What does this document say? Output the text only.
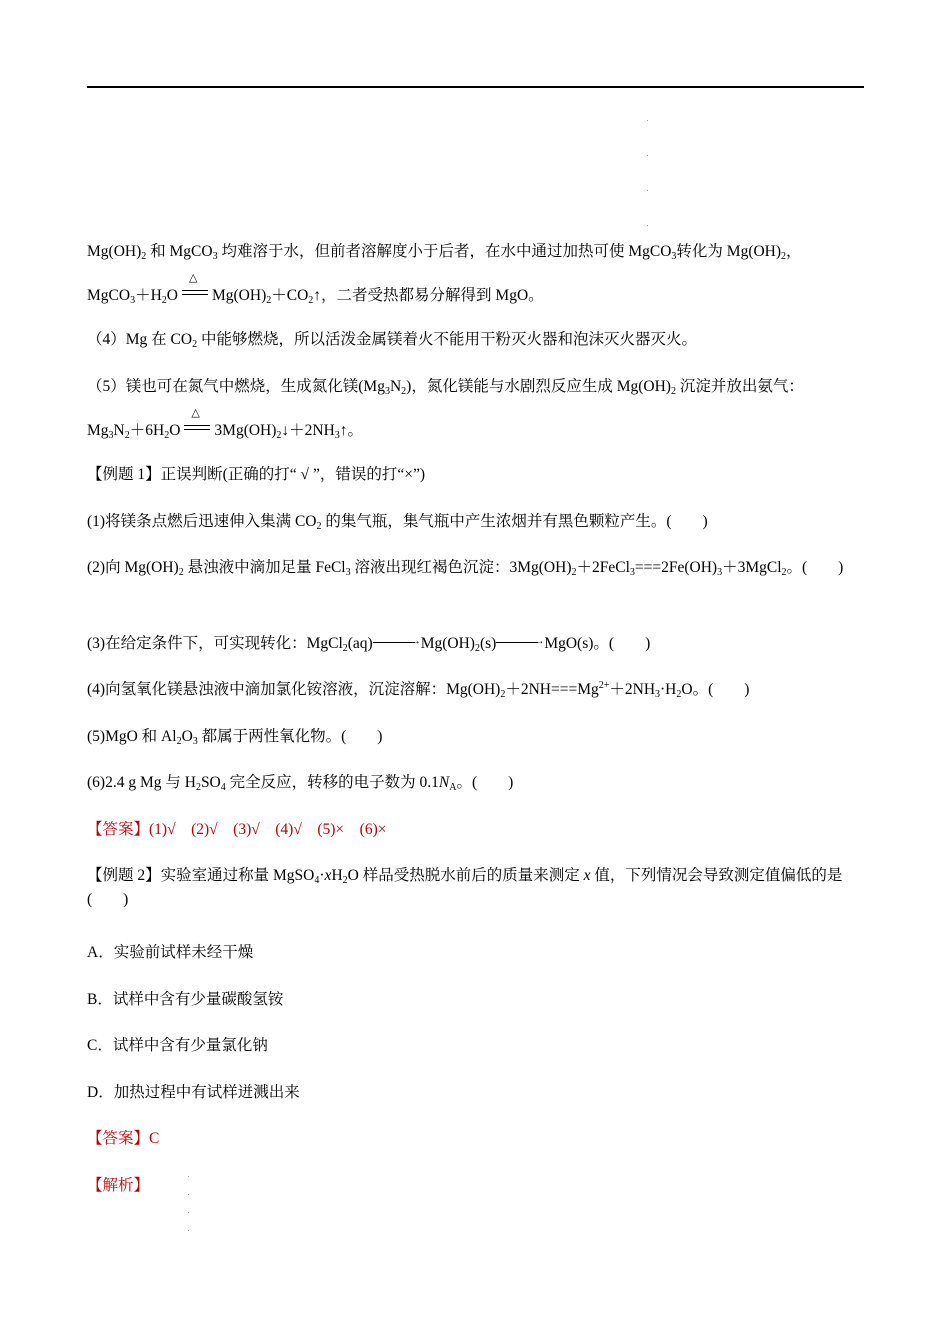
$Mg(OH)_2$ 和 MgCO$_3$ 均难溶于水，但前者溶解度小于后者，在水中通过加热可使 MgCO$_3$转化为 $Mg(OH)_2$，
$MgCO_3+H_2O$
△
$Mg(OH)_2+CO_2↑$，二者受热都易分解得到 MgO。
（4）Mg 在 $CO_2$ 中能够燃烧，所以活泼金属镁着火不能用干粉灭火器和泡沫灭火器灭火。
（5）镁也可在氮气中燃烧，生成氮化镁$(Mg_3N_2)$，氮化镁能与水剧烈反应生成 $Mg(OH)_2$ 沉淀并放出氨气：
$Mg_3N_2+6H_2O$
△
$3Mg(OH)_2↓+2NH_3↑$。
【例题 1】正误判断(正确的打“ √ ”，错误的打“×”)
(1)将镁条点燃后迅速伸入集满 $CO_2$ 的集气瓶，集气瓶中产生浓烟并有黑色颗粒产生。(　　)
(2)向 $Mg(OH)_2$ 悬浊液中滴加足量 FeCl$_3$ 溶液出现红褐色沉淀：$3Mg(OH)_2+2FeCl_3===2Fe(OH)_3+3MgCl_2$。(　　)
(3)在给定条件下，可实现转化：MgCl$_2$(aq)	→ $Mg(OH)_2(s)$	→ MgO(s)。(　　)
(4)向氢氧化镁悬浊液中滴加氯化铵溶液，沉淀溶解：$Mg(OH)_2+2NH===Mg^{2+}+2NH_3\cdot H_2O$。(　　)
(5)MgO 和 $Al_2O_3$ 都属于两性氧化物。(　　)
(6)2.4 g Mg 与 $H_2SO_4$ 完全反应，转移的电子数为 $0.1N_A$。(　　)
【答案】(1)√　(2)√　(3)√　(4)√　(5)×　(6)×
【例题 2】实验室通过称量 $MgSO_4\cdot xH_2O$ 样品受热脱水前后的质量来测定 x 值，下列情况会导致测定值偏低的是(　　)
A．实验前试样未经干燥
B．试样中含有少量碳酸氢铵
C．试样中含有少量氯化钠
D．加热过程中有试样迸溅出来
【答案】C
【解析】
